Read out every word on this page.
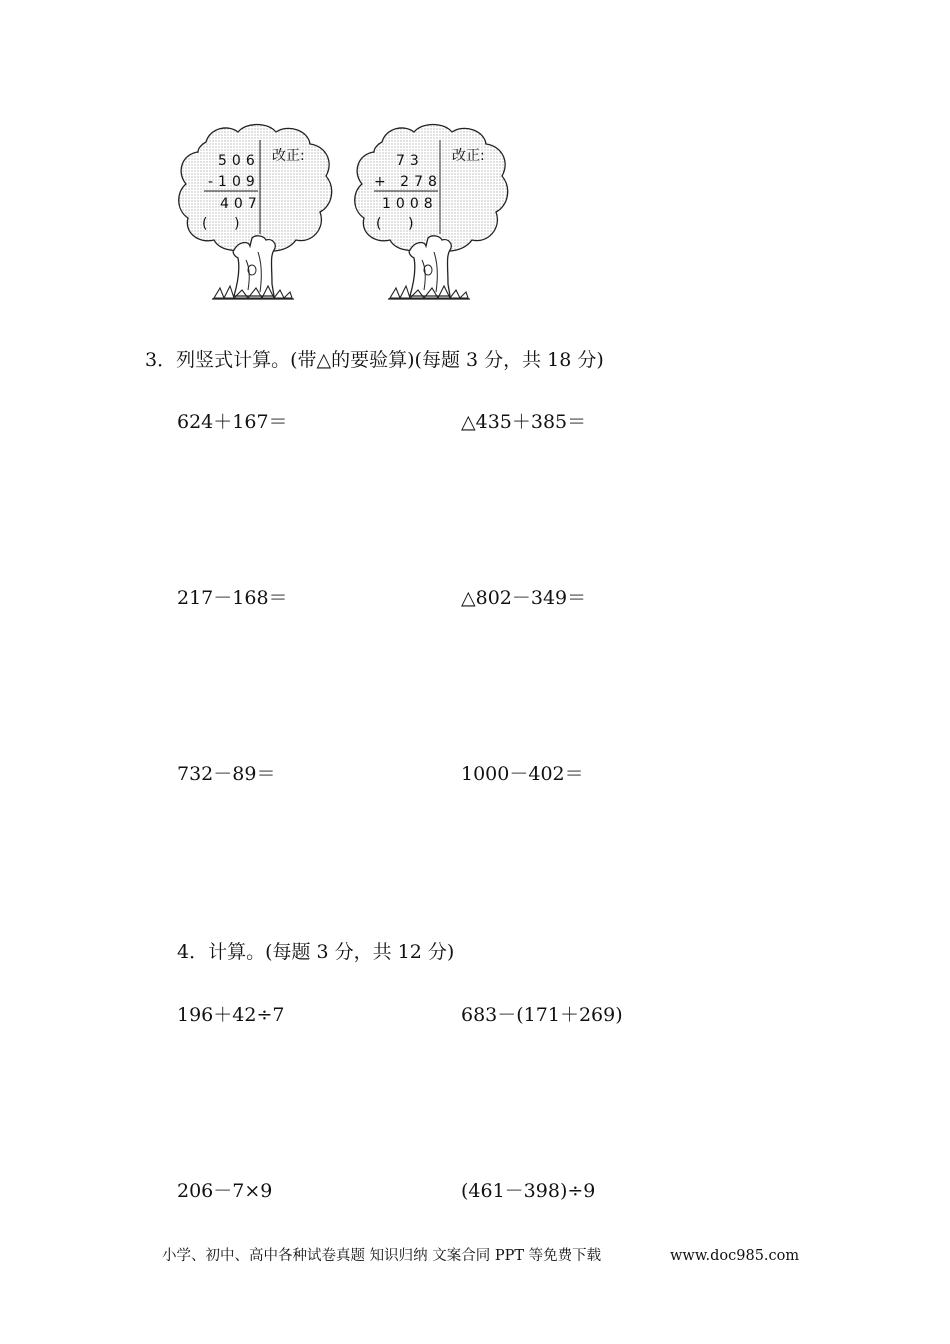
506
-109
407
(      )
改正:	73
+ 278
1008
(      )
改正:
3．列竖式计算。(带△的要验算)(每题 3 分，共 18 分)
624＋167＝	△435＋385＝
217－168＝	△802－349＝
732－89＝	1000－402＝
4．计算。(每题 3 分，共 12 分)
196＋42÷7	683－(171＋269)
206－7×9	(461－398)÷9
小学、初中、高中各种试卷真题 知识归纳 文案合同 PPT 等免费下载	www.doc985.com
